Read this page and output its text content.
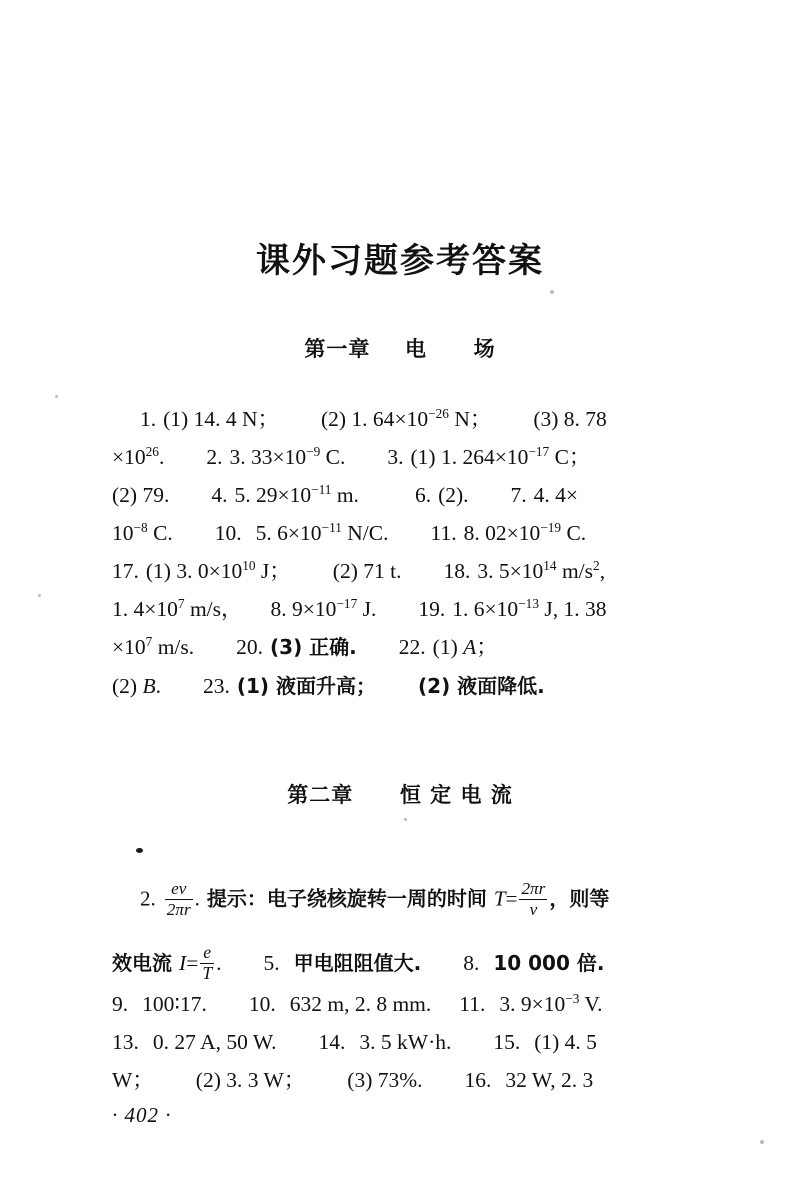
课外习题参考答案
第一章 电 场
1. (1) 14. 4 N； (2) 1. $64\times 10^{-26}$ N； (3) 8. 78
$\times 10^{26}$. 2. 3. $33\times 10^{-9}$ C. 3. (1) 1. $264\times 10^{-17}$ C；
(2) 79. 4. 5. $29\times 10^{-11}$ m.	6. (2). 7. 4. 4×
$10^{-8}$ C. 10. 5. $6\times 10^{-11}$ N/C. 11. 8. $02\times 10^{-19}$ C.
17. (1) 3. $0\times 10^{10}$ J； (2) 71 t. 18. 3. $5\times 10^{14}$ $m/s^2$,
1. $4\times 10^7$ m/s， 8. $9\times 10^{-17}$ J. 19. 1. $6\times 10^{-13}$ J, 1. 38
$\times 10^7$ m/s. 20. (3) 正确. 22. (1) A；
(2) B. 23. (1) 液面升高； (2) 液面降低.
第二章 恒 定 电 流
2. $\frac{ev}{2\pi r}$ . 提示：电子绕核旋转一周的时间 $T= \frac{2\pi r}{v}$ ，则等
效电流 $I= \frac{e}{T}$ . 5. 甲电阻阻值大. 8. 10 000 倍.
9. 100∶17. 10. 632 m, 2. 8 mm. 11. 3. $9\times 10^{-3}$ V.
13. 0. 27 A, 50 W. 14. 3. 5 kW·h. 15. (1) 4. 5
W； (2) 3. 3 W； (3) 73%. 16. 32 W, 2. 3
· 402 ·
